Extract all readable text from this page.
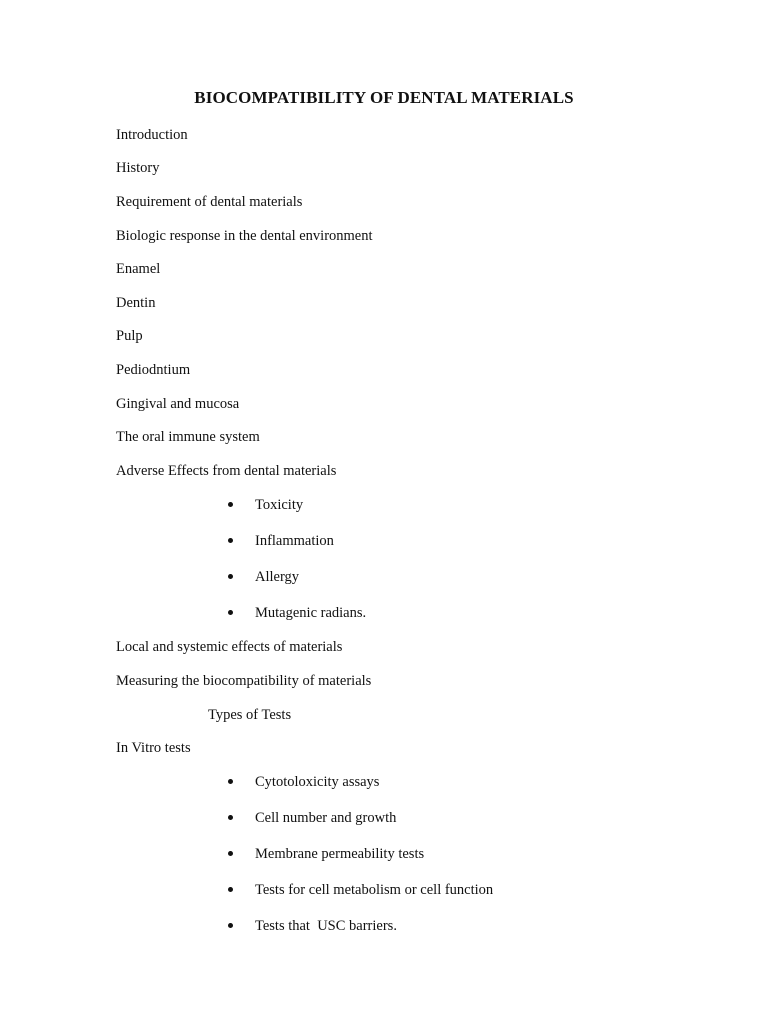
BIOCOMPATIBILITY OF DENTAL MATERIALS
Introduction
History
Requirement of dental materials
Biologic response in the dental environment
Enamel
Dentin
Pulp
Pediodntium
Gingival and mucosa
The oral immune system
Adverse Effects from dental materials

Toxicity

Inflammation

Allergy

Mutagenic radians.

Local and systemic effects of materials
Measuring the biocompatibility of materials
Types of Tests
In Vitro tests

Cytotoloxicity assays

Cell number and growth

Membrane permeability tests

Tests for cell metabolism or cell function

Tests that  USC barriers.
